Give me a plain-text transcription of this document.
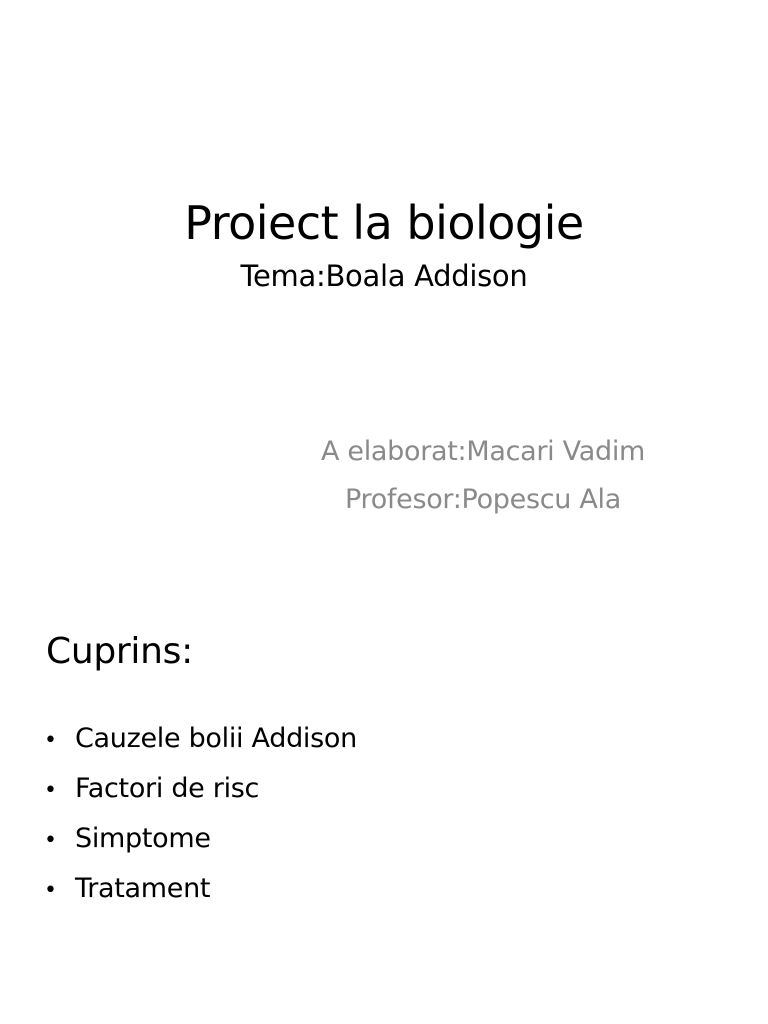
Proiect la biologie
Tema:Boala Addison
A elaborat:Macari Vadim
Profesor:Popescu Ala
Cuprins:
• Cauzele bolii Addison
• Factori de risc
• Simptome
• Tratament
